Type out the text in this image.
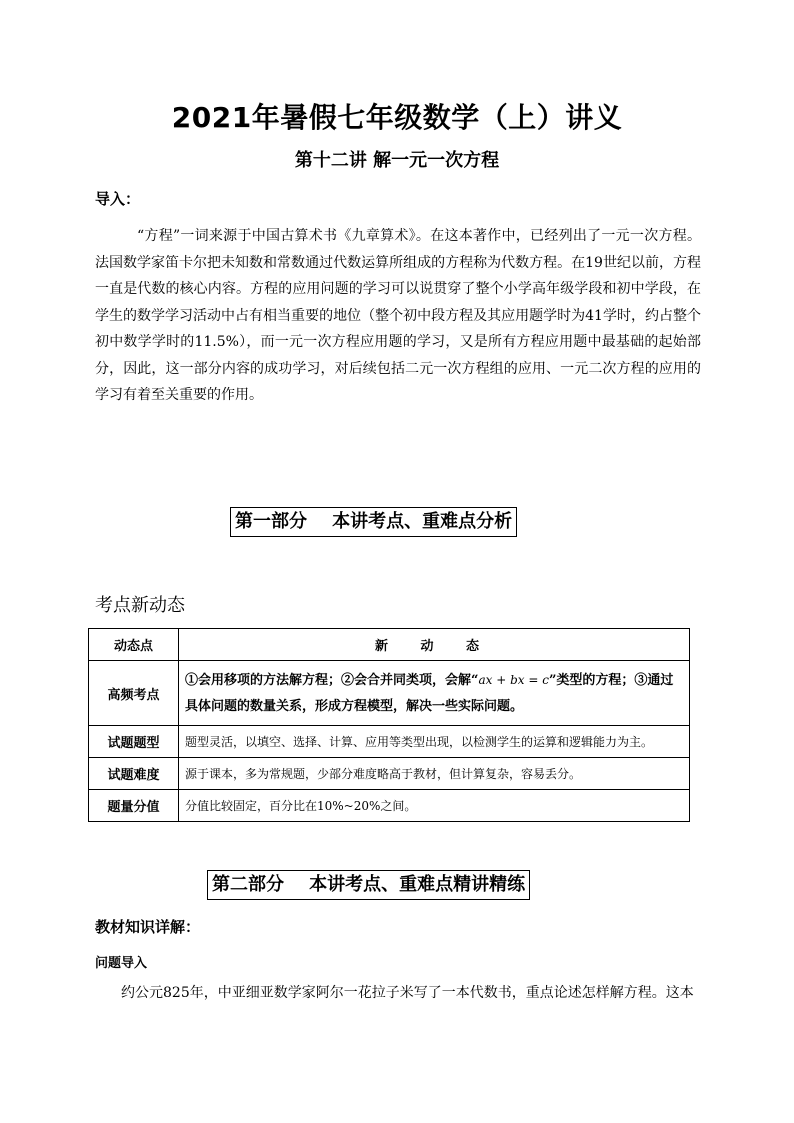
2021年暑假七年级数学（上）讲义
第十二讲 解一元一次方程
导入：
“方程”一词来源于中国古算术书《九章算术》。在这本著作中，已经列出了一元一次方程。法国数学家笛卡尔把未知数和常数通过代数运算所组成的方程称为代数方程。在19世纪以前，方程一直是代数的核心内容。方程的应用问题的学习可以说贯穿了整个小学高年级学段和初中学段，在学生的数学学习活动中占有相当重要的地位（整个初中段方程及其应用题学时为41学时，约占整个初中数学学时的11.5%），而一元一次方程应用题的学习，又是所有方程应用题中最基础的起始部分，因此，这一部分内容的成功学习，对后续包括二元一次方程组的应用、一元二次方程的应用的学习有着至关重要的作用。
第一部分    本讲考点、重难点分析
考点新动态
动态点	新 动 态
高频考点	①会用移项的方法解方程；②会合并同类项，会解“ax + bx = c”类型的方程；③通过具体问题的数量关系，形成方程模型，解决一些实际问题。
试题题型	题型灵活，以填空、选择、计算、应用等类型出现，以检测学生的运算和逻辑能力为主。
试题难度	源于课本，多为常规题，少部分难度略高于教材，但计算复杂，容易丢分。
题量分值	分值比较固定，百分比在10%~20%之间。
第二部分    本讲考点、重难点精讲精练
教材知识详解：
问题导入
约公元825年，中亚细亚数学家阿尔一花拉子米写了一本代数书，重点论述怎样解方程。这本
